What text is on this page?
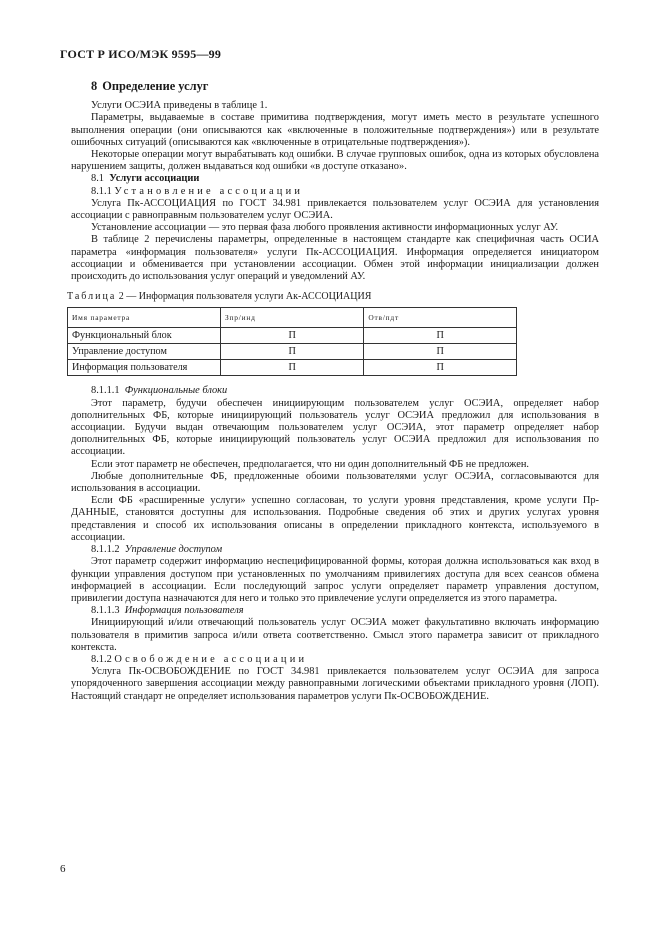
ГОСТ Р ИСО/МЭК 9595—99

8 Определение услуг

Услуги ОСЭИА приведены в таблице 1.

Параметры, выдаваемые в составе примитива подтверждения, могут иметь место в результате успешного выполнения операции (они описываются как «включенные в положительные подтверждения») или в результате ошибочных ситуаций (описываются как «включенные в отрицательные подтверждения»).

Некоторые операции могут вырабатывать код ошибки. В случае групповых ошибок, одна из которых обусловлена нарушением защиты, должен выдаваться код ошибки «в доступе отказано».

8.1 Услуги ассоциации

8.1.1 Установление ассоциации

Услуга Пк-АССОЦИАЦИЯ по ГОСТ 34.981 привлекается пользователем услуг ОСЭИА для установления ассоциации с равноправным пользователем услуг ОСЭИА.

Установление ассоциации — это первая фаза любого проявления активности информационных услуг АУ.

В таблице 2 перечислены параметры, определенные в настоящем стандарте как специфичная часть ОСИА параметра «информация пользователя» услуги Пк-АССОЦИАЦИЯ. Информация определяется инициатором ассоциации и обменивается при установлении ассоциации. Обмен этой информации инициализации должен происходить до использования услуг операций и уведомлений АУ.

Таблица 2 — Информация пользователя услуги Ак-АССОЦИАЦИЯ

Имя параметра	Зпр/инд	Отв/пдт
Функциональный блок	П	П
Управление доступом	П	П
Информация пользователя	П	П

8.1.1.1 Функциональные блоки

Этот параметр, будучи обеспечен инициирующим пользователем услуг ОСЭИА, определяет набор дополнительных ФБ, которые инициирующий пользователь услуг ОСЭИА предложил для использования в ассоциации. Будучи выдан отвечающим пользователем услуг ОСЭИА, этот параметр определяет набор дополнительных ФБ, которые инициирующий пользователь услуг ОСЭИА предложил для использования по ассоциации.

Если этот параметр не обеспечен, предполагается, что ни один дополнительный ФБ не предложен.

Любые дополнительные ФБ, предложенные обоими пользователями услуг ОСЭИА, согласовываются для использования в ассоциации.

Если ФБ «расширенные услуги» успешно согласован, то услуги уровня представления, кроме услуги Пр-ДАННЫЕ, становятся доступны для использования. Подробные сведения об этих и других услугах уровня представления и способ их использования описаны в определении прикладного контекста, используемого в ассоциации.

8.1.1.2 Управление доступом

Этот параметр содержит информацию неспецифицированной формы, которая должна использоваться как вход в функции управления доступом при установленных по умолчаниям привилегиях доступа для всех сеансов обмена информацией в ассоциации. Если последующий запрос услуги определяет параметр управления доступом, привилегии доступа назначаются для него и только это привлечение услуги определяется из этого параметра.

8.1.1.3 Информация пользователя

Инициирующий и/или отвечающий пользователь услуг ОСЭИА может факультативно включать информацию пользователя в примитив запроса и/или ответа соответственно. Смысл этого параметра зависит от прикладного контекста.

8.1.2 Освобождение ассоциации

Услуга Пк-ОСВОБОЖДЕНИЕ по ГОСТ 34.981 привлекается пользователем услуг ОСЭИА для запроса упорядоченного завершения ассоциации между равноправными логическими объектами прикладного уровня (ЛОП). Настоящий стандарт не определяет использования параметров услуги Пк-ОСВОБОЖДЕНИЕ.

6
